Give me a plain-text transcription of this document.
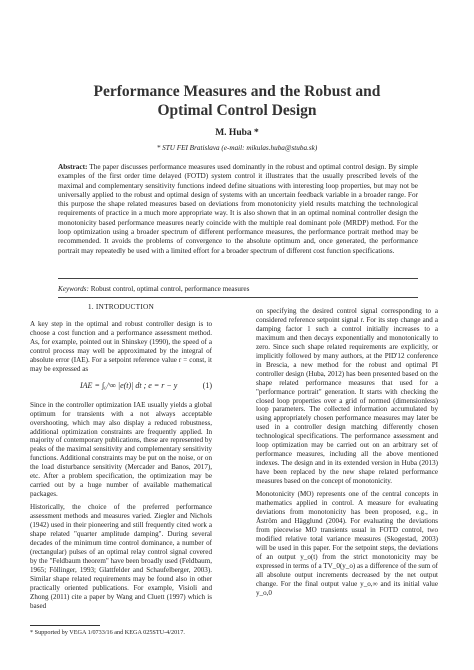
Performance Measures and the Robust and
Optimal Control Design
M. Huba *
* STU FEI Bratislava (e-mail: mikulas.huba@stuba.sk)
Abstract: The paper discusses performance measures used dominantly in the robust and optimal control design. By simple examples of the first order time delayed (FOTD) system control it illustrates that the usually prescribed levels of the maximal and complementary sensitivity functions indeed define situations with interesting loop properties, but may not be universally applied to the robust and optimal design of systems with an uncertain feedback variable in a broader range. For this purpose the shape related measures based on deviations from monotonicity yield results matching the technological requirements of practice in a much more appropriate way. It is also shown that in an optimal nominal controller design the monotonicity based performance measures nearly coincide with the multiple real dominant pole (MRDP) method. For the loop optimization using a broader spectrum of different performance measures, the performance portrait method may be recommended. It avoids the problems of convergence to the absolute optimum and, once generated, the performance portrait may repeatedly be used with a limited effort for a broader spectrum of different cost function specifications.
Keywords: Robust control, optimal control, performance measures
1. INTRODUCTION

A key step in the optimal and robust controller design is to choose a cost function and a performance assessment method. As, for example, pointed out in Shinskey (1990), the speed of a control process may well be approximated by the integral of absolute error (IAE). For a setpoint reference value r = const, it may be expressed as

IAE = ∫₀^∞ |e(t)| dt ; e = r − y	(1)

Since in the controller optimization IAE usually yields a global optimum for transients with a not always acceptable overshooting, which may also display a reduced robustness, additional optimization constraints are frequently applied. In majority of contemporary publications, these are represented by peaks of the maximal sensitivity and complementary sensitivity functions. Additional constraints may be put on the noise, or on the load disturbance sensitivity (Mercader and Banos, 2017), etc. After a problem specification, the optimization may be carried out by a huge number of available mathematical packages.

Historically, the choice of the preferred performance assessment methods and measures varied. Ziegler and Nichols (1942) used in their pioneering and still frequently cited work a shape related "quarter amplitude damping". During several decades of the minimum time control dominance, a number of (rectangular) pulses of an optimal relay control signal covered by the "Feldbaum theorem" have been broadly used (Feldbaum, 1965; Föllinger, 1993; Glattfelder and Schaufelberger, 2003). Similar shape related requirements may be found also in other practically oriented publications. For example, Visioli and Zhong (2011) cite a paper by Wang and Cluett (1997) which is based

on specifying the desired control signal corresponding to a considered reference setpoint signal r. For its step change and a damping factor 1 such a control initially increases to a maximum and then decays exponentially and monotonically to zero. Since such shape related requirements are explicitly, or implicitly followed by many authors, at the PID'12 conference in Brescia, a new method for the robust and optimal PI controller design (Huba, 2012) has been presented based on the shape related performance measures that used for a "performance portrait" generation. It starts with checking the closed loop properties over a grid of normed (dimensionless) loop parameters. The collected information accumulated by using appropriately chosen performance measures may later be used in a controller design matching differently chosen technological specifications. The performance assessment and loop optimization may be carried out on an arbitrary set of performance measures, including all the above mentioned indexes. The design and in its extended version in Huba (2013) have been replaced by the new shape related performance measures based on the concept of monotonicity.

Monotonicity (MO) represents one of the central concepts in mathematics applied in control. A measure for evaluating deviations from monotonicity has been proposed, e.g., in Åström and Hägglund (2004). For evaluating the deviations from piecewise MO transients usual in FOTD control, two modified relative total variance measures (Skogestad, 2003) will be used in this paper. For the setpoint steps, the deviations of an output y_o(t) from the strict monotonicity may be expressed in terms of a TV_0(y_o) as a difference of the sum of all absolute output increments decreased by the net output change. For the final output value y_o,∞ and its initial value y_o,0

* Supported by VEGA 1/0733/16 and KEGA 025STU-4/2017.
